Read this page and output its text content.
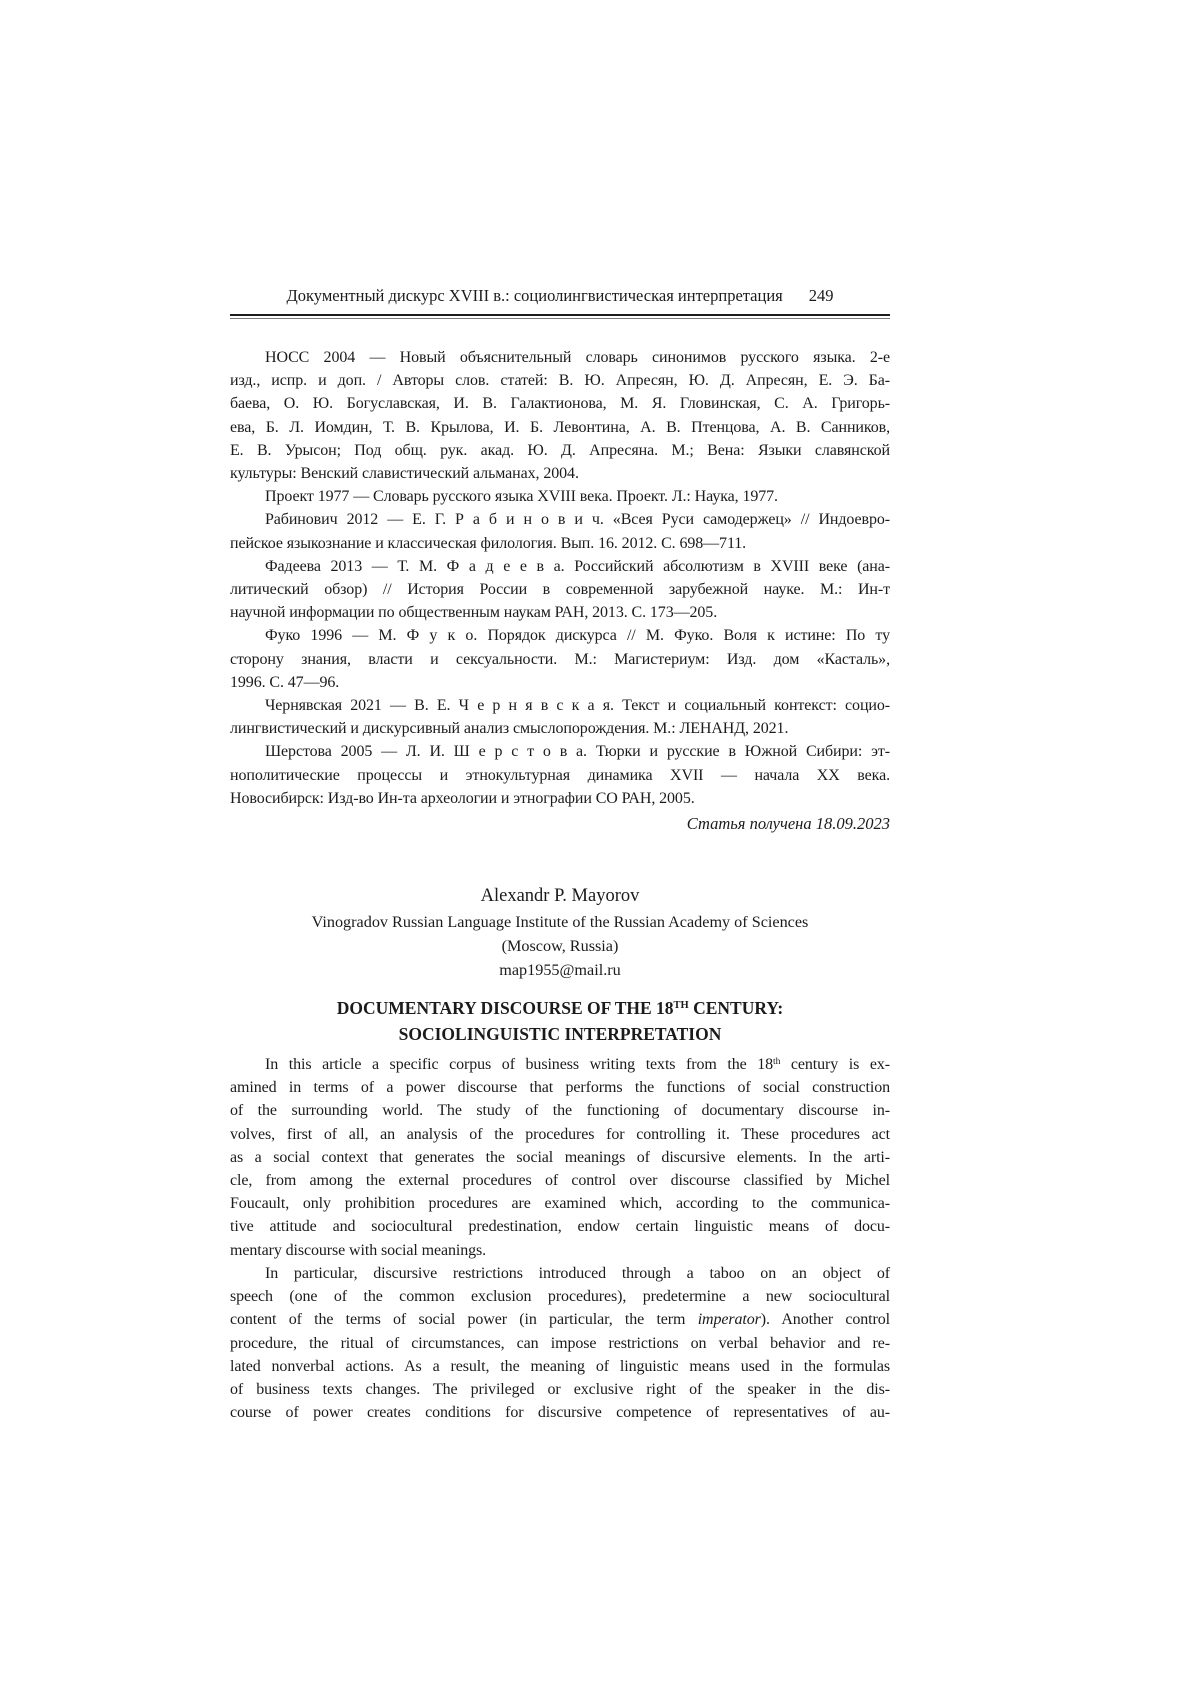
Документный дискурс XVIII в.: социолингвистическая интерпретация 249
НОСС 2004 — Новый объяснительный словарь синонимов русского языка. 2-е
изд., испр. и доп. / Авторы слов. статей: В. Ю. Апресян, Ю. Д. Апресян, Е. Э. Ба-
баева, О. Ю. Богуславская, И. В. Галактионова, М. Я. Гловинская, С. А. Григорь-
ева, Б. Л. Иомдин, Т. В. Крылова, И. Б. Левонтина, А. В. Птенцова, А. В. Санников,
Е. В. Урысон; Под общ. рук. акад. Ю. Д. Апресяна. М.; Вена: Языки славянской
культуры: Венский славистический альманах, 2004.
Проект 1977 — Словарь русского языка XVIII века. Проект. Л.: Наука, 1977.
Рабинович 2012 — Е. Г. Р а б и н о в и ч. «Всея Руси самодержец» // Индоевро-
пейское языкознание и классическая филология. Вып. 16. 2012. С. 698—711.
Фадеева 2013 — Т. М. Ф а д е е в а. Российский абсолютизм в XVIII веке (ана-
литический обзор) // История России в современной зарубежной науке. М.: Ин-т
научной информации по общественным наукам РАН, 2013. С. 173—205.
Фуко 1996 — М. Ф у к о. Порядок дискурса // М. Фуко. Воля к истине: По ту
сторону знания, власти и сексуальности. М.: Магистериум: Изд. дом «Касталь»,
1996. С. 47—96.
Чернявская 2021 — В. Е. Ч е р н я в с к а я. Текст и социальный контекст: социо-
лингвистический и дискурсивный анализ смыслопорождения. М.: ЛЕНАНД, 2021.
Шерстова 2005 — Л. И. Ш е р с т о в а. Тюрки и русские в Южной Сибири: эт-
нополитические процессы и этнокультурная динамика XVII — начала XX века.
Новосибирск: Изд-во Ин-та археологии и этнографии СО РАН, 2005.
Статья получена 18.09.2023
Alexandr P. Mayorov
Vinogradov Russian Language Institute of the Russian Academy of Sciences
(Moscow, Russia)
map1955@mail.ru
DOCUMENTARY DISCOURSE OF THE 18TH CENTURY:
SOCIOLINGUISTIC INTERPRETATION
In this article a specific corpus of business writing texts from the 18th century is ex-
amined in terms of a power discourse that performs the functions of social construction
of the surrounding world. The study of the functioning of documentary discourse in-
volves, first of all, an analysis of the procedures for controlling it. These procedures act
as a social context that generates the social meanings of discursive elements. In the arti-
cle, from among the external procedures of control over discourse classified by Michel
Foucault, only prohibition procedures are examined which, according to the communica-
tive attitude and sociocultural predestination, endow certain linguistic means of docu-
mentary discourse with social meanings.
In particular, discursive restrictions introduced through a taboo on an object of
speech (one of the common exclusion procedures), predetermine a new sociocultural
content of the terms of social power (in particular, the term imperator). Another control
procedure, the ritual of circumstances, can impose restrictions on verbal behavior and re-
lated nonverbal actions. As a result, the meaning of linguistic means used in the formulas
of business texts changes. The privileged or exclusive right of the speaker in the dis-
course of power creates conditions for discursive competence of representatives of au-
